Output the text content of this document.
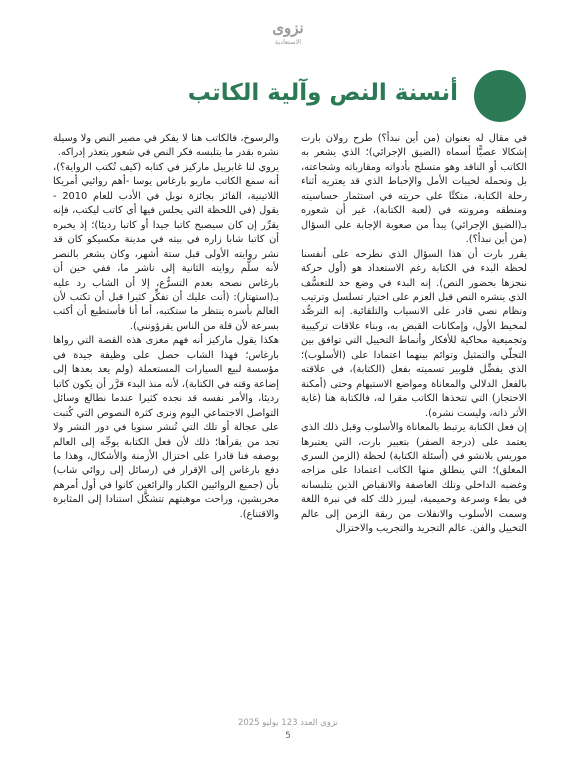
نزوى
الاستعادية
أنسنة النص وآلية الكاتب

في مقال له بعنوان (من أين نبدأ؟) طرح رولان بارت إشكالا عصيًّا أسماه (الضيق الإجرائي)؛ الذي يشعر به الكاتب أو الناقد وهو متسلح بأدواته ومقارباته وشجاعته، بل وتحمله لخيبات الأمل والإحباط الذي قد يعتريه أثناء رحلة الكتابة، متكئًا على حريته في استثمار حساسيته ومنطقه ومرونته في (لعبة الكتابة)، غير أن شعوره بـ(الضيق الإجرائي) يبدأ من صعوبة الإجابة على السؤال (من أين نبدأ؟).

يقرر بارت أن هذا السؤال الذي نطرحه على أنفسنا لحظة البدء في الكتابة رغم الاستعداد هو (أول حركة ننجزها بحضور النص). إنه البدء في وضع حد للتعسُّف الذي ينشره النص قبل العزم على اختيار تسلسل وترتيب ونظام نصي قادر على الانسياب والتلقائية. إنه الترصُّد لمخيط الأول، وإمكانات القبض به، وبناء علاقات تركيبية وتجميعية محاكية للأفكار وأنماط التخييل التي توافق بين التجلّي والتمثيل وتوائم بينهما اعتمادا على (الأسلوب)؛ الذي يفضِّل فلوبير تسميته بفعل (الكتابة)، في علاقته بالفعل الدلالي والمعاناة ومواضع الاستيهام وحتى (أمكنة الاحتجاز) التي تتخذها الكاتب مقرا له، فالكتابة هنا (غاية الأثر ذاته، وليست نشره).

إن فعل الكتابة يرتبط بالمعاناة والأسلوب وقبل ذلك الذي يعتمد على (درجة الصفر) بتعبير بارت، التي يعتبرها موريس بلانشو في (أسئلة الكتابة) لحظة (الزمن السري المغلق)؛ التي ينطلق منها الكاتب اعتمادا على مزاجه وغضبه الداخلي وتلك العاصفة والانقباض الذين يتلبسانه في بطء وسرعة وحميمية، ليبرز ذلك كله في نبرة اللغة وسمت الأسلوب والانفلات من ربقة الزمن إلى عالم التخييل والفن. عالم التجريد والتجريب والاختزال

والرسوخ، فالكاتب هنا لا يفكر في مصير النص ولا وسيلة نشره بقدر ما يتلبسه فكر النص في شعور يتعذر إدراكه.

يروي لنا غابرييل ماركيز في كتابه (كيف تُكتب الرواية؟)، أنه سمع الكاتب ماريو بارغاس يوسا -أهم روائيي أمريكا اللاتينية، الفائز بجائزة نوبل في الأدب للعام 2010 - يقول (في اللحظة التي يجلس فيها أي كاتب ليكتب، فإنه يقرِّر إن كان سيصبح كاتبا جيدا أو كاتبا رديئا)؛ إذ يخبره أن كاتبا شابا زاره في بيته في مدينة مكسيكو كان قد نشر روايته الأولى قبل ستة أشهر، وكان يشعر بالنصر لأنه سلَّم روايته الثانية إلى ناشر ما، ففي حين أن بارغاس نصحه بعدم التسرُّع، إلا أن الشاب رد عليه بـ(استهتار): (أنت عليك أن تفكِّر كثيرا قبل أن تكتب لأن العالم بأسره ينتظر ما ستكتبه، أما أنا فأستطيع أن أكتب بسرعة لأن قلة من الناس يقرؤونني).

هكذا يقول ماركيز أنه فهم مغزى هذه القصة التي رواها بارغاس؛ فهذا الشاب حصل على وظيفة جيدة في مؤسسة لبيع السيارات المستعملة (ولم يعد بعدها إلى إضاعة وقته في الكتابة)، لأنه منذ البدء قرَّر أن يكون كاتبا رديئا، والأمر نفسه قد نجده كثيرا عندما نطالع وسائل التواصل الاجتماعي اليوم ونرى كثرة النصوص التي كُتبت على عجالة أو تلك التي تُنشر سنويا في دور النشر ولا تجد من يقرأها؛ ذلك لأن فعل الكتابة يوجِّه إلى العالم بوصفه فنا قادرا على اختزال الأزمنة والأشكال، وهذا ما دفع بارغاس إلى الإقرار في (رسائل إلى روائي شاب) بأن (جميع الروائيين الكبار والرائعين كانوا في أول أمرهم مخربشين، وراحت موهبتهم تتشكَّل استنادا إلى المثابرة والاقتناع).

نزوى العدد 123 يوليو 2025
5
